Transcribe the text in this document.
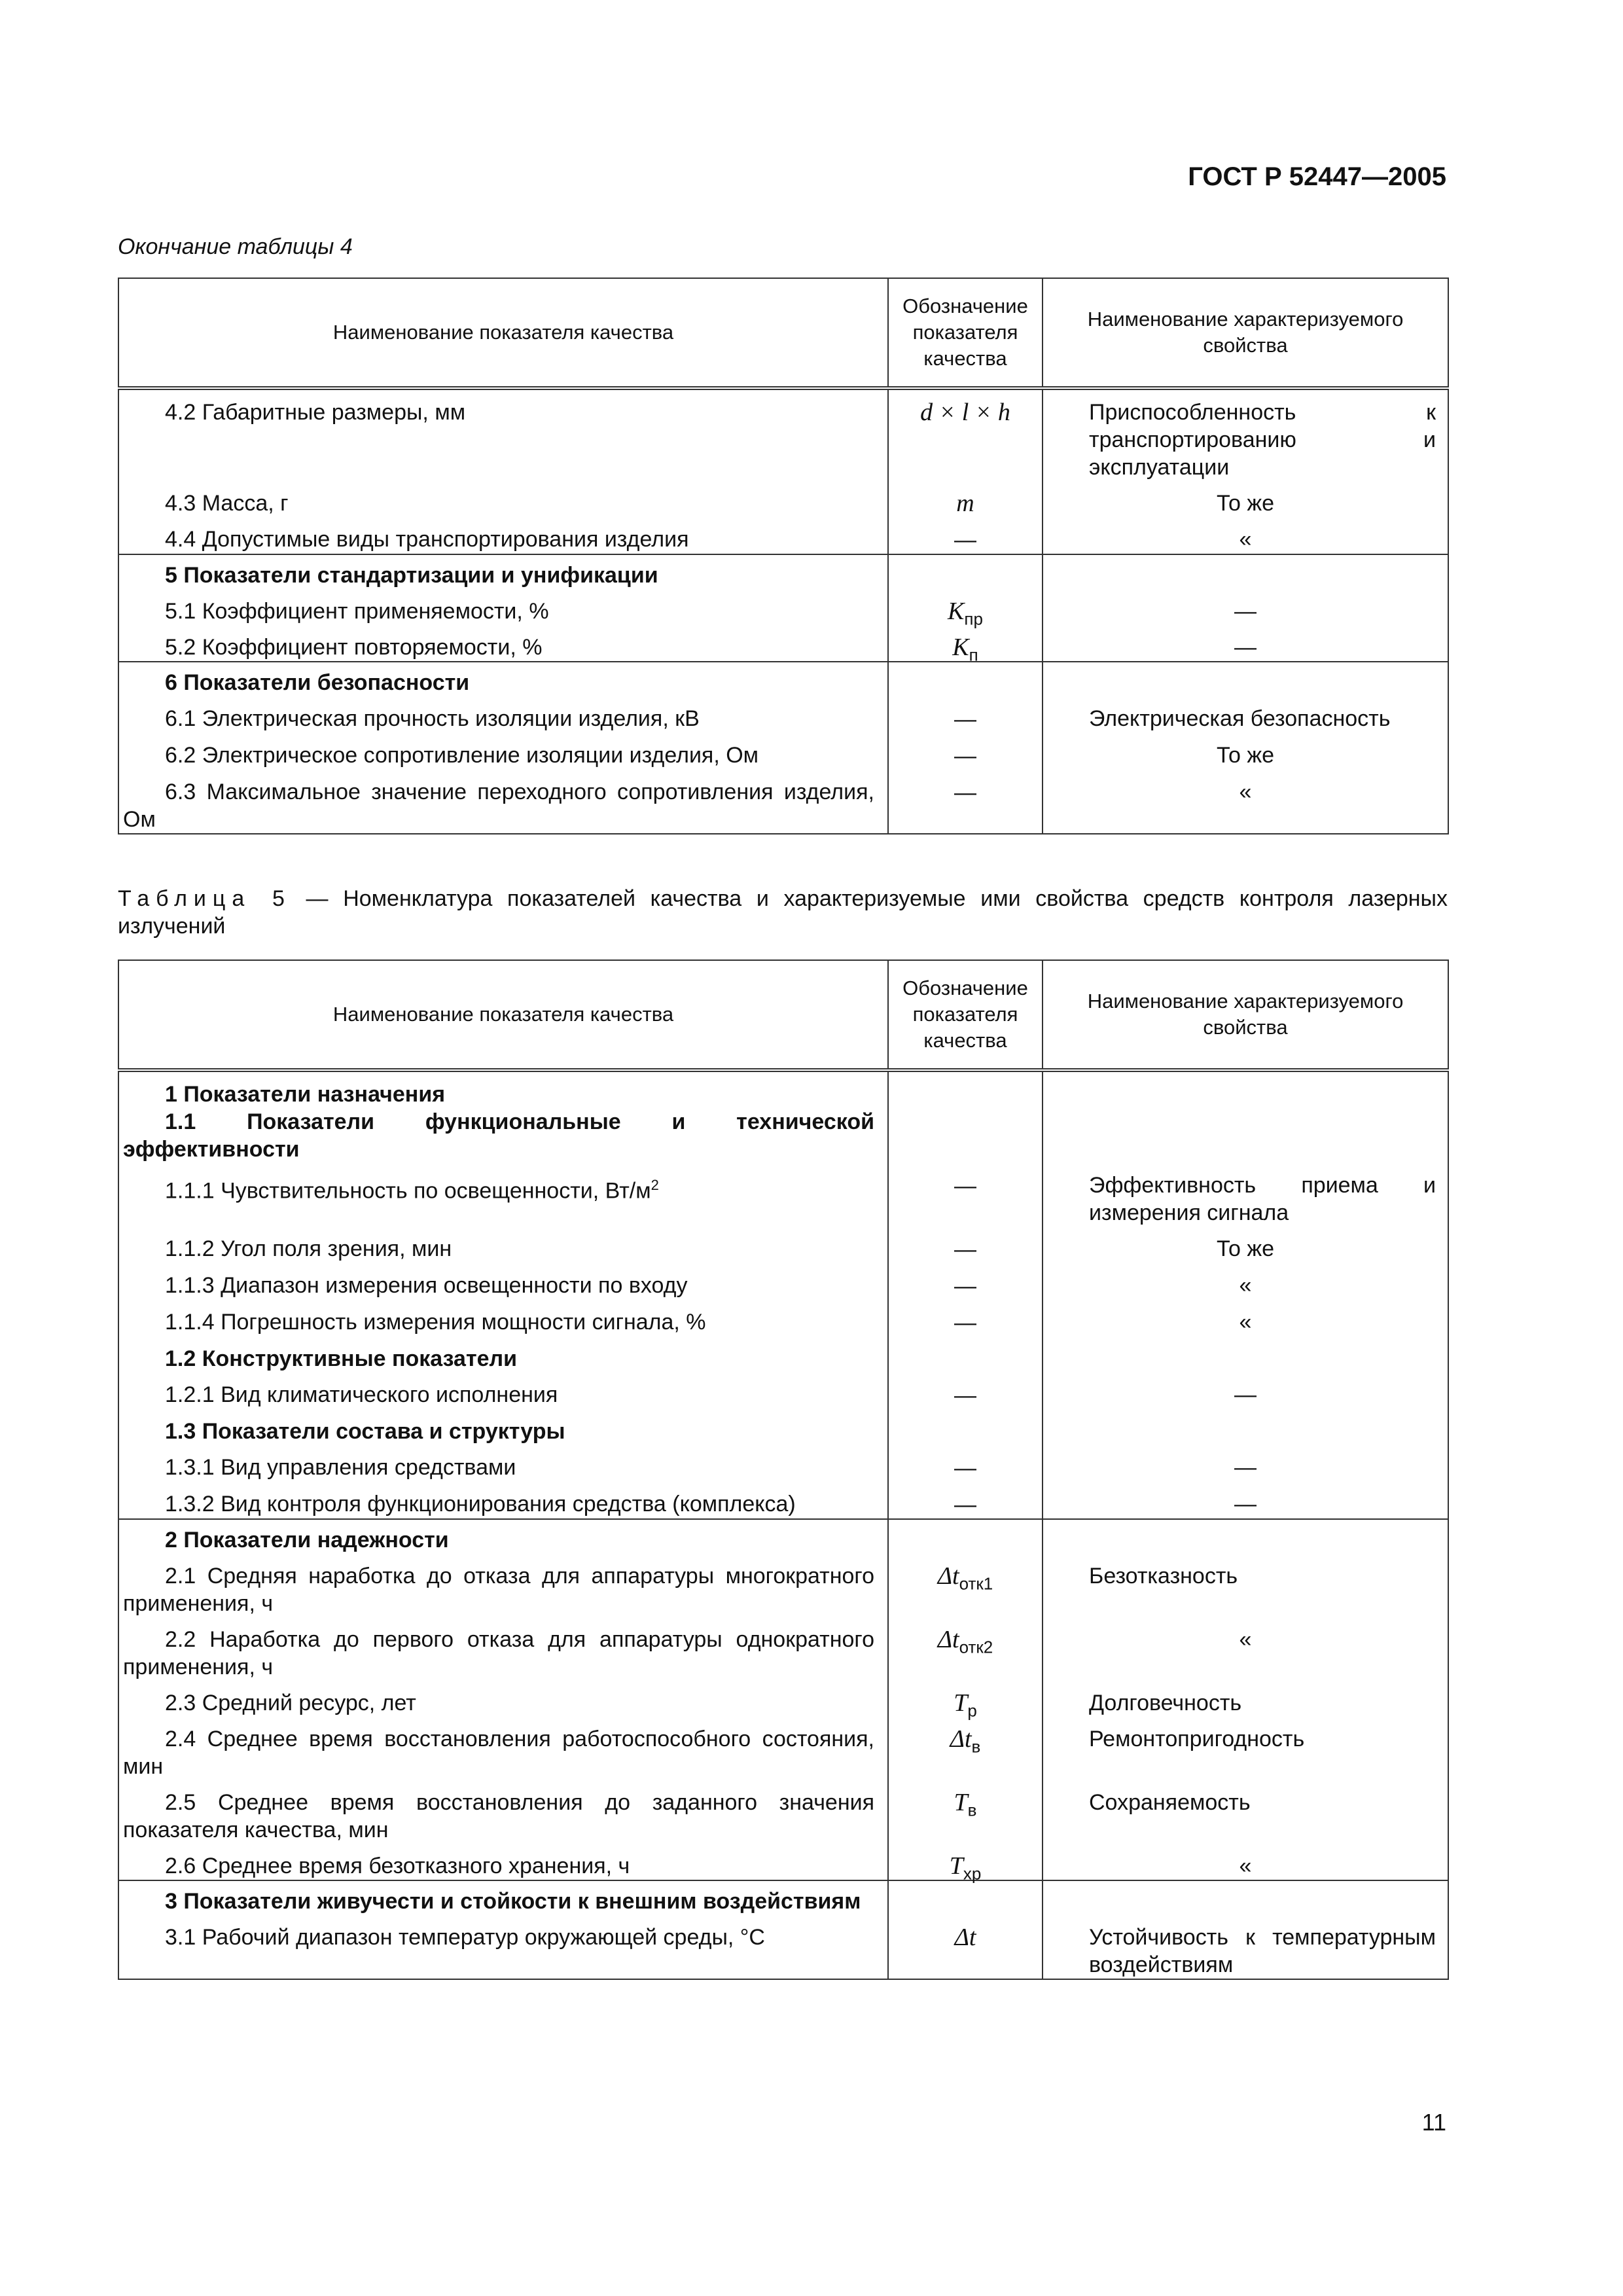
ГОСТ Р 52447—2005
Окончание таблицы 4
Наименование показателя качества	Обозначение показателя качества	Наименование характеризуемого свойства

4.2 Габаритные размеры, мм	d × l × h	Приспособленность к транспортированию и эксплуатации

4.3 Масса, г	m	То же

4.4 Допустимые виды транспортирования изделия	—	«

5 Показатели стандартизации и унификации		

5.1 Коэффициент применяемости, %	$K_{пр}$	—

5.2 Коэффициент повторяемости, %	$K_п$	—

6 Показатели безопасности		

6.1 Электрическая прочность изоляции изделия, кВ	—	Электрическая безопасность

6.2 Электрическое сопротивление изоляции изделия, Ом	—	То же

6.3 Максимальное значение переходного сопротивления изделия, Ом	—	«
Таблица 5 — Номенклатура показателей качества и характеризуемые ими свойства средств контроля лазерных излучений
Наименование показателя качества	Обозначение показателя качества	Наименование характеризуемого свойства

1 Показатели назначения
1.1 Показатели функциональные и технической эффективности		

1.1.1 Чувствительность по освещенности, $Вт/м^2$	—	Эффективность приема и измерения сигнала

1.1.2 Угол поля зрения, мин	—	То же

1.1.3 Диапазон измерения освещенности по входу	—	«

1.1.4 Погрешность измерения мощности сигнала, %	—	«

1.2 Конструктивные показатели		

1.2.1 Вид климатического исполнения	—	—

1.3 Показатели состава и структуры		

1.3.1 Вид управления средствами	—	—

1.3.2 Вид контроля функционирования средства (комплекса)	—	—

2 Показатели надежности		

2.1 Средняя наработка до отказа для аппаратуры многократного применения, ч	$\Delta t_{отк1}$	Безотказность

2.2 Наработка до первого отказа для аппаратуры однократного применения, ч	$\Delta t_{отк2}$	«

2.3 Средний ресурс, лет	$T_р$	Долговечность

2.4 Среднее время восстановления работоспособного состояния, мин	$\Delta t_в$	Ремонтопригодность

2.5 Среднее время восстановления до заданного значения показателя качества, мин	$T_в$	Сохраняемость

2.6 Среднее время безотказного хранения, ч	$T_{хр}$	«

3 Показатели живучести и стойкости к внешним воздействиям		

3.1 Рабочий диапазон температур окружающей среды, °C	Δt	Устойчивость к температурным воздействиям
11
